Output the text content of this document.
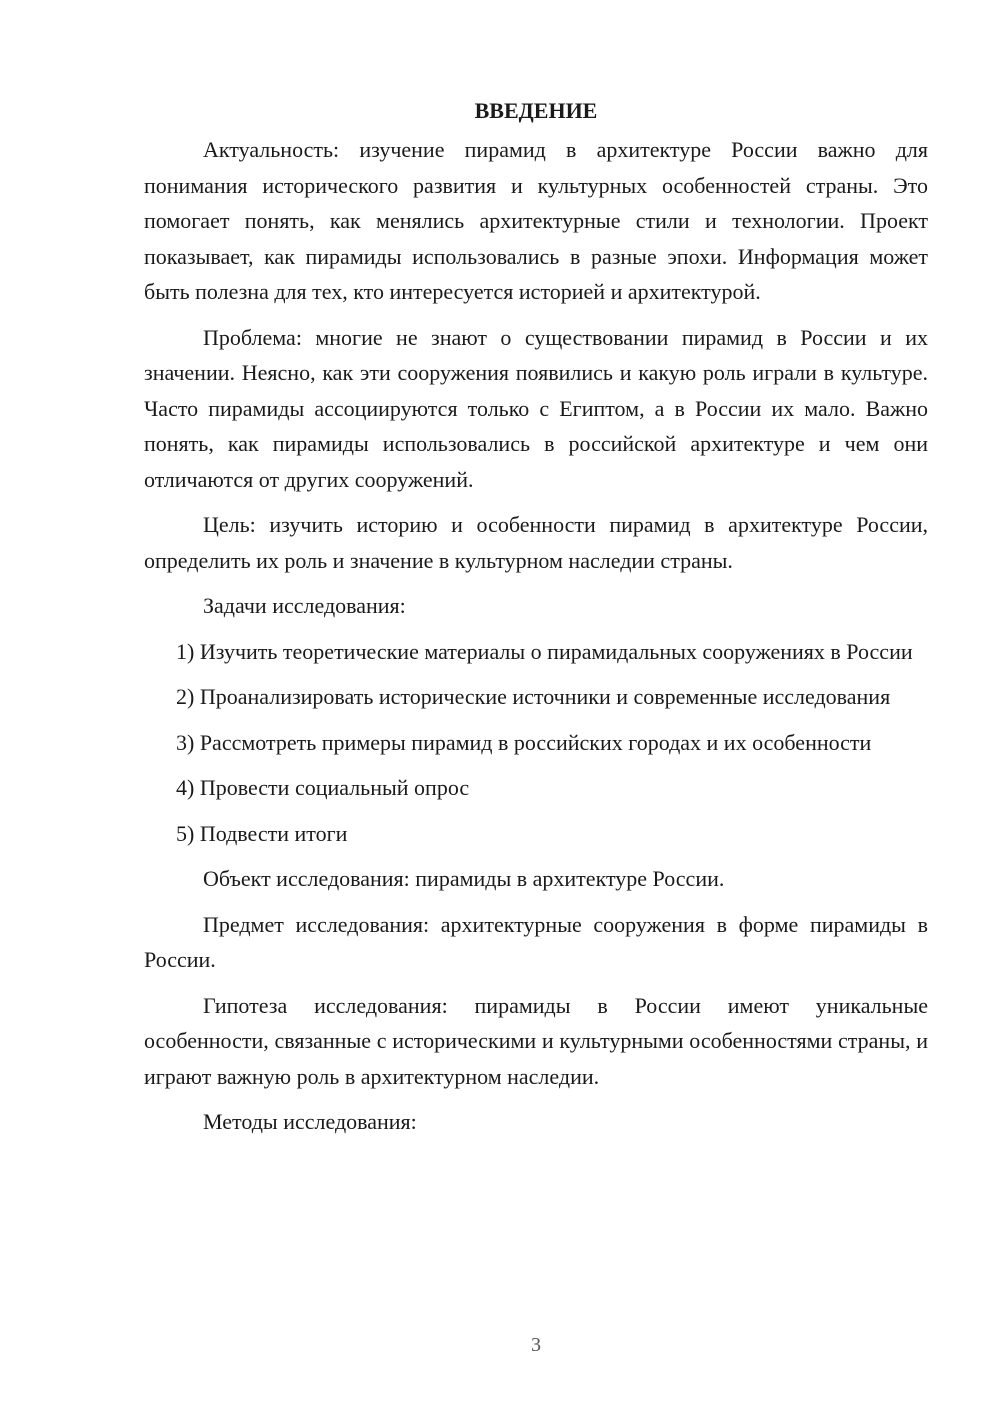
ВВЕДЕНИЕ

Актуальность: изучение пирамид в архитектуре России важно для понимания исторического развития и культурных особенностей страны. Это помогает понять, как менялись архитектурные стили и технологии. Проект показывает, как пирамиды использовались в разные эпохи. Информация может быть полезна для тех, кто интересуется историей и архитектурой.

Проблема: многие не знают о существовании пирамид в России и их значении. Неясно, как эти сооружения появились и какую роль играли в культуре. Часто пирамиды ассоциируются только с Египтом, а в России их мало. Важно понять, как пирамиды использовались в российской архитектуре и чем они отличаются от других сооружений.

Цель: изучить историю и особенности пирамид в архитектуре России, определить их роль и значение в культурном наследии страны.

Задачи исследования:

1) Изучить теоретические материалы о пирамидальных сооружениях в России

2) Проанализировать исторические источники и современные исследования

3) Рассмотреть примеры пирамид в российских городах и их особенности

4) Провести социальный опрос

5) Подвести итоги

Объект исследования: пирамиды в архитектуре России.

Предмет исследования: архитектурные сооружения в форме пирамиды в России.

Гипотеза исследования: пирамиды в России имеют уникальные особенности, связанные с историческими и культурными особенностями страны, и играют важную роль в архитектурном наследии.

Методы исследования:

3
